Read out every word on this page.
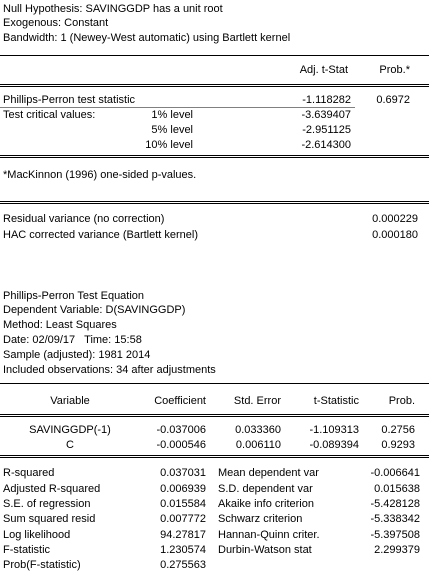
Null Hypothesis: SAVINGGDP has a unit root
Exogenous: Constant
Bandwidth: 1 (Newey-West automatic) using Bartlett kernel
Adj. t-Stat	Prob.*
Phillips-Perron test statistic	-1.118282	0.6972
Test critical values:	1% level	-3.639407
5% level	-2.951125
10% level	-2.614300
*MacKinnon (1996) one-sided p-values.
Residual variance (no correction)	0.000229
HAC corrected variance (Bartlett kernel)	0.000180
Phillips-Perron Test Equation
Dependent Variable: D(SAVINGGDP)
Method: Least Squares
Date: 02/09/17   Time: 15:58
Sample (adjusted): 1981 2014
Included observations: 34 after adjustments
Variable	Coefficient	Std. Error	t-Statistic	Prob.
SAVINGGDP(-1)	-0.037006	0.033360	-1.109313	0.2756
C	-0.000546	0.006110	-0.089394	0.9293
R-squared	0.037031 Mean dependent var	-0.006641
Adjusted R-squared	0.006939 S.D. dependent var	0.015638
S.E. of regression	0.015584 Akaike info criterion	-5.428128
Sum squared resid	0.007772 Schwarz criterion	-5.338342
Log likelihood	94.27817 Hannan-Quinn criter.	-5.397508
F-statistic	1.230574 Durbin-Watson stat	2.299379
Prob(F-statistic)	0.275563
